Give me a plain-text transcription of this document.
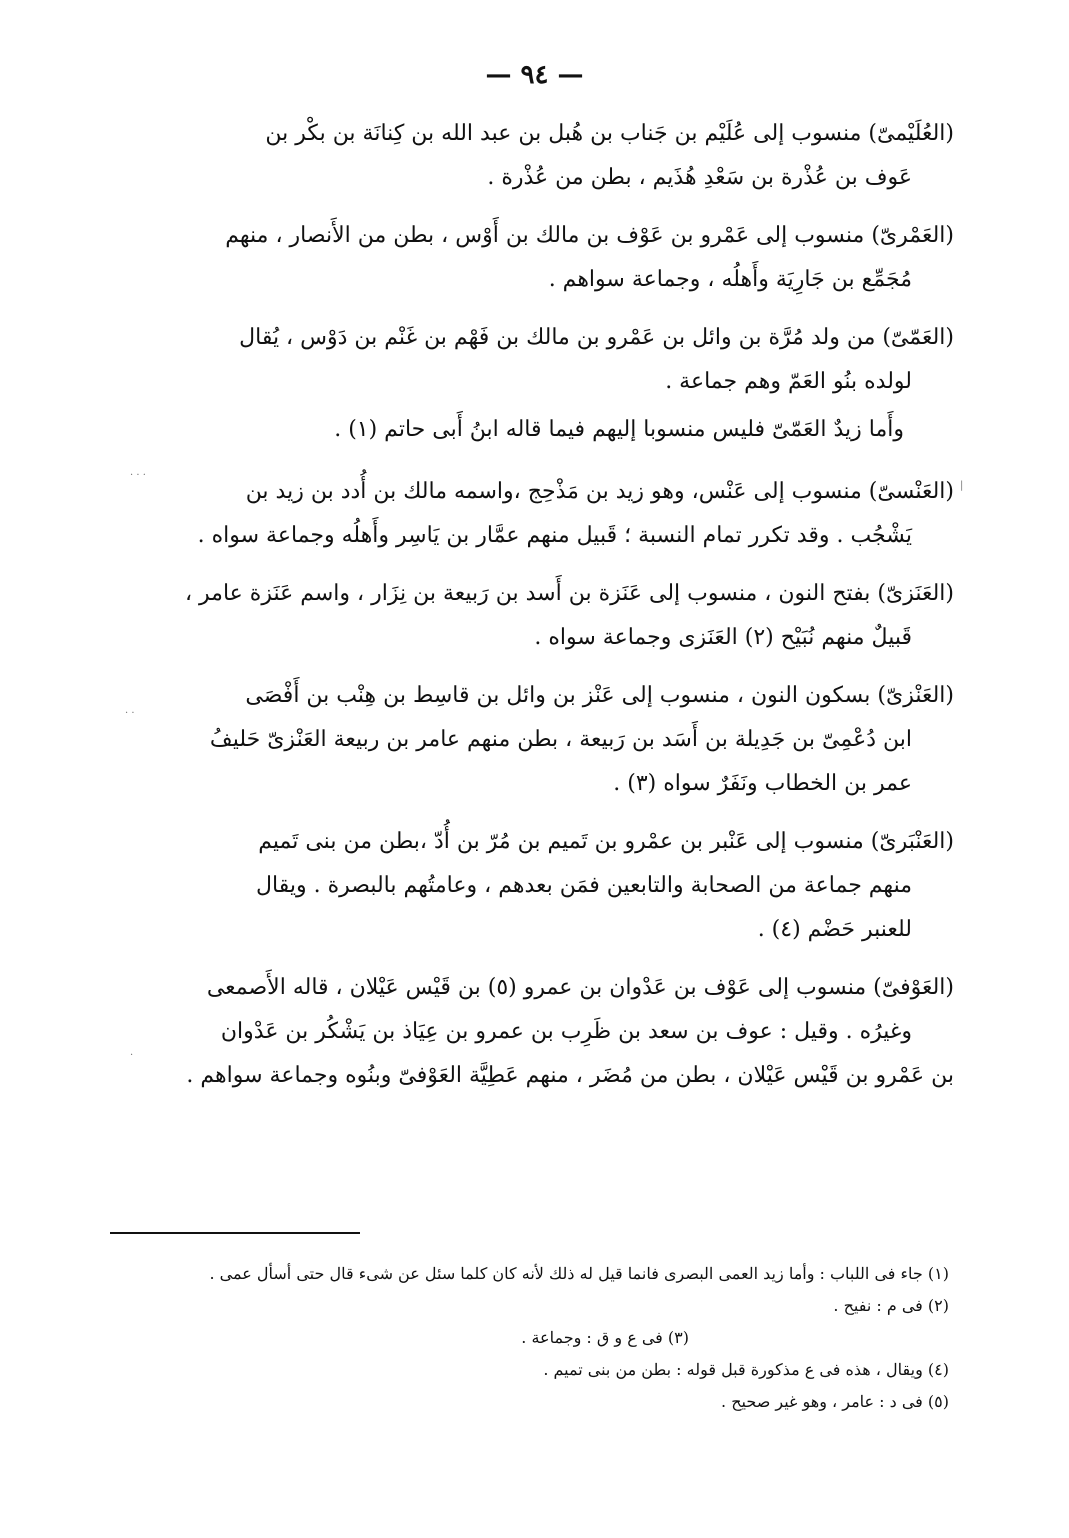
— ٩٤ —
(العُلَيْمىّ) منسوب إلى عُلَيْم بن جَناب بن هُبل بن عبد الله بن كِنانَة بن بكْر بن
عَوف بن عُذْرة بن سَعْدِ هُذَيم ، بطن من عُذْرة .
(العَمْرىّ) منسوب إلى عَمْرو بن عَوْف بن مالك بن أَوْس ، بطن من الأَنصار ، منهم
مُجَمِّع بن جَارِيَة وأَهلُه ، وجماعة سواهم .
(العَمّىّ) من ولد مُرَّة بن وائل بن عَمْرو بن مالك بن فَهْم بن غَنْم بن دَوْس ، يُقال
لولده بنُو العَمّ وهم جماعة .
وأَما زيدٌ العَمّىّ فليس منسوبا إليهم فيما قاله ابنُ أَبى حاتم (١) .
(العَنْسىّ) منسوب إلى عَنْس، وهو زيد بن مَذْحِج ،واسمه مالك بن أُدد بن زيد بن
يَشْجُب . وقد تكرر تمام النسبة ؛ قَبيل منهم عمَّار بن يَاسِر وأَهلُه وجماعة سواه .
(العَنَزىّ) بفتح النون ، منسوب إلى عَنَزة بن أَسد بن رَبيعة بن نِزَار ، واسم عَنَزة عامر ،
قَبيلٌ منهم نُبَيْح (٢) العَنَزى وجماعة سواه .
(العَنْزىّ) بسكون النون ، منسوب إلى عَنْز بن وائل بن قاسِط بن هِنْب بن أَفْصَى
ابن دُعْمِىّ بن جَدِيلة بن أَسَد بن رَبيعة ، بطن منهم عامر بن ربيعة العَنْزىّ حَليفُ
عمر بن الخطاب ونَفَرٌ سواه (٣) .
(العَنْبَرىّ) منسوب إلى عَنْبر بن عمْرو بن تَميم بن مُرّ بن أُدّ ،بطن من بنى تَميم
منهم جماعة من الصحابة والتابعين فمَن بعدهم ، وعامتُهم بالبصرة . ويقال
للعنبر حَضْم (٤) .
(العَوْفىّ) منسوب إلى عَوْف بن عَدْوان بن عمرو (٥) بن قَيْس عَيْلان ، قاله الأَصمعى
وغيرُه . وقيل : عوف بن سعد بن ظَرِب بن عمرو بن عِيَاذ بن يَشْكُر بن عَدْوان
بن عَمْرو بن قَيْس عَيْلان ، بطن من مُضَر ، منهم عَطِيَّة العَوْفىّ وبنُوه وجماعة سواهم .
(١) جاء فى اللباب : وأما زيد العمى البصرى فانما قيل له ذلك لأنه كان كلما سئل عن شىء قال حتى أسأل عمى .
(٢) فى م : نفيح .
(٣) فى ع و ق : وجماعة .
(٤) ويقال ، هذه فى ع مذكورة قبل قوله : بطن من بنى تميم .
(٥) فى د : عامر ، وهو غير صحيح .
· · ·
· ·
·
|
